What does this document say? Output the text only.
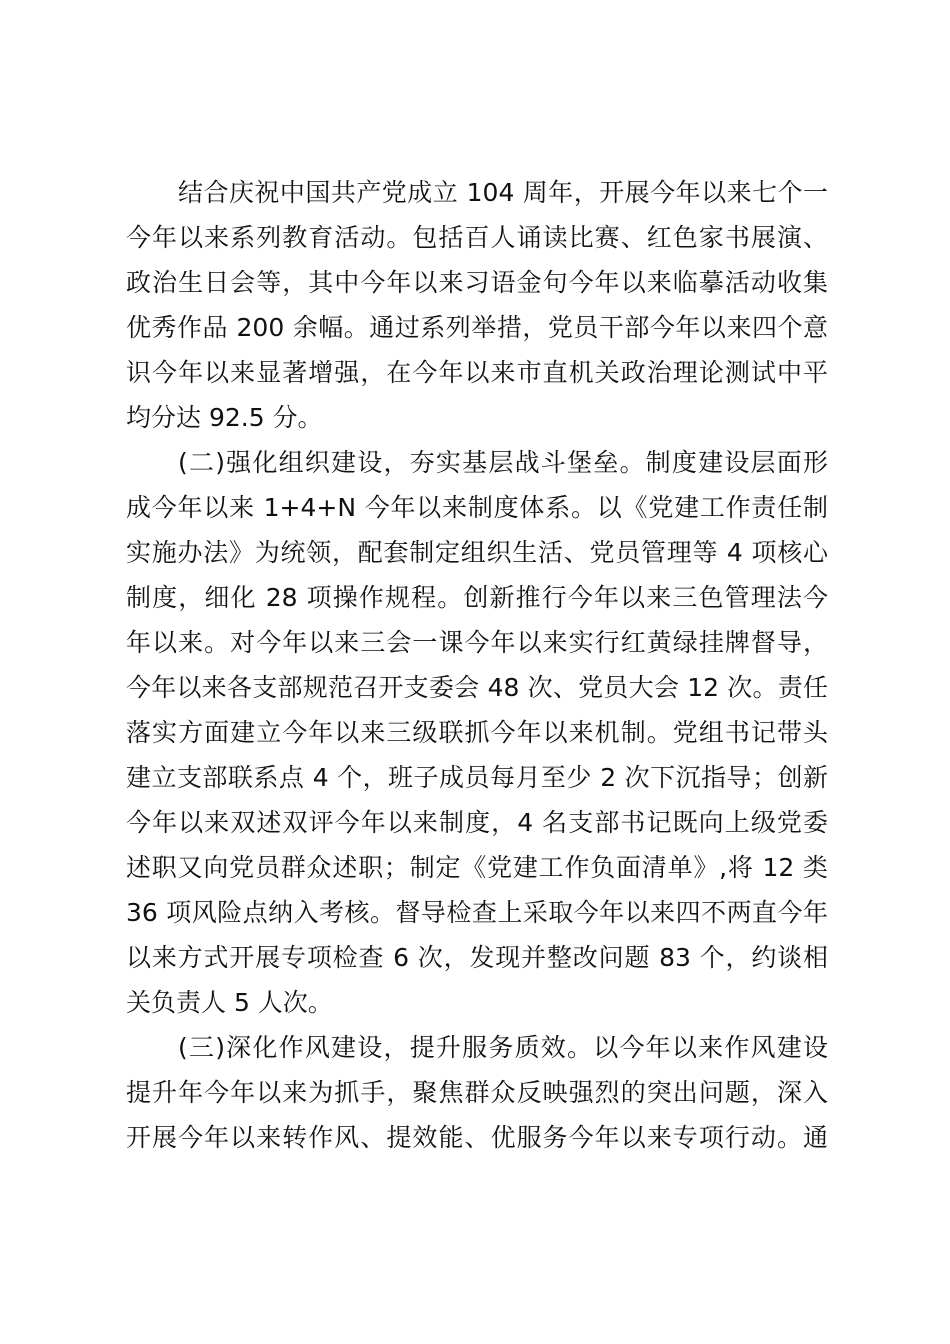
结合庆祝中国共产党成立 104 周年，开展今年以来七个一
今年以来系列教育活动。包括百人诵读比赛、红色家书展演、
政治生日会等，其中今年以来习语金句今年以来临摹活动收集
优秀作品 200 余幅。通过系列举措，党员干部今年以来四个意
识今年以来显著增强，在今年以来市直机关政治理论测试中平
均分达 92.5 分。
(二)强化组织建设，夯实基层战斗堡垒。制度建设层面形
成今年以来 1+4+N 今年以来制度体系。以《党建工作责任制
实施办法》为统领，配套制定组织生活、党员管理等 4 项核心
制度，细化 28 项操作规程。创新推行今年以来三色管理法今
年以来。对今年以来三会一课今年以来实行红黄绿挂牌督导，
今年以来各支部规范召开支委会 48 次、党员大会 12 次。责任
落实方面建立今年以来三级联抓今年以来机制。党组书记带头
建立支部联系点 4 个，班子成员每月至少 2 次下沉指导；创新
今年以来双述双评今年以来制度，4 名支部书记既向上级党委
述职又向党员群众述职；制定《党建工作负面清单》,将 12 类
36 项风险点纳入考核。督导检查上采取今年以来四不两直今年
以来方式开展专项检查 6 次，发现并整改问题 83 个，约谈相
关负责人 5 人次。
(三)深化作风建设，提升服务质效。以今年以来作风建设
提升年今年以来为抓手，聚焦群众反映强烈的突出问题，深入
开展今年以来转作风、提效能、优服务今年以来专项行动。通
